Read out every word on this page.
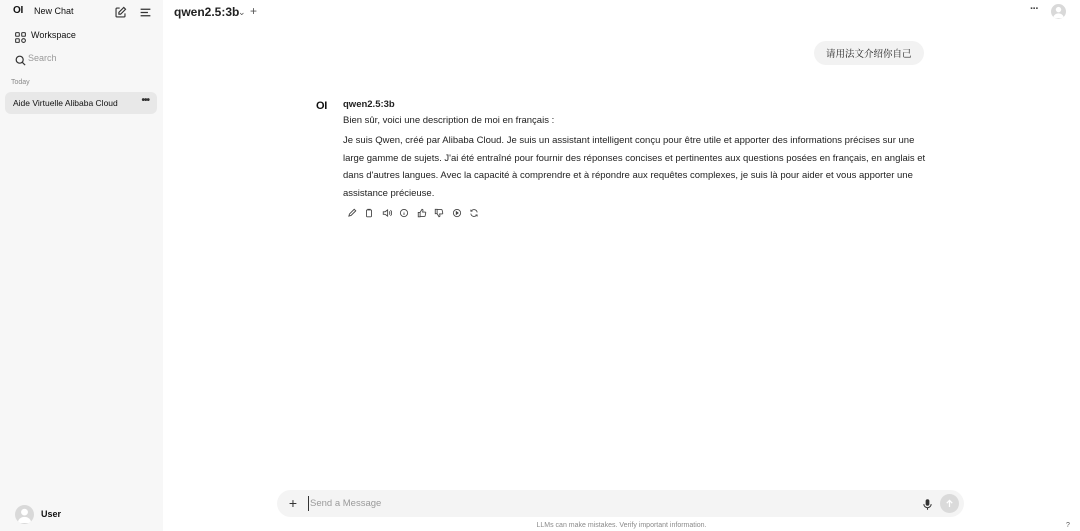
OI New Chat
Workspace
Search
Today
Aide Virtuelle Alibaba Cloud •••
User
qwen2.5:3b
⌄ +	···
请用法文介绍你自己
OI qwen2.5:3b

Bien sûr, voici une description de moi en français :

Je suis Qwen, créé par Alibaba Cloud. Je suis un assistant intelligent conçu pour être utile et apporter des informations précises sur une large gamme de sujets. J'ai été entraîné pour fournir des réponses concises et pertinentes aux questions posées en français, en anglais et dans d'autres langues. Avec la capacité à comprendre et à répondre aux requêtes complexes, je suis là pour aider et vous apporter une assistance précieuse.

+
Send a Message
LLMs can make mistakes. Verify important information.	?
